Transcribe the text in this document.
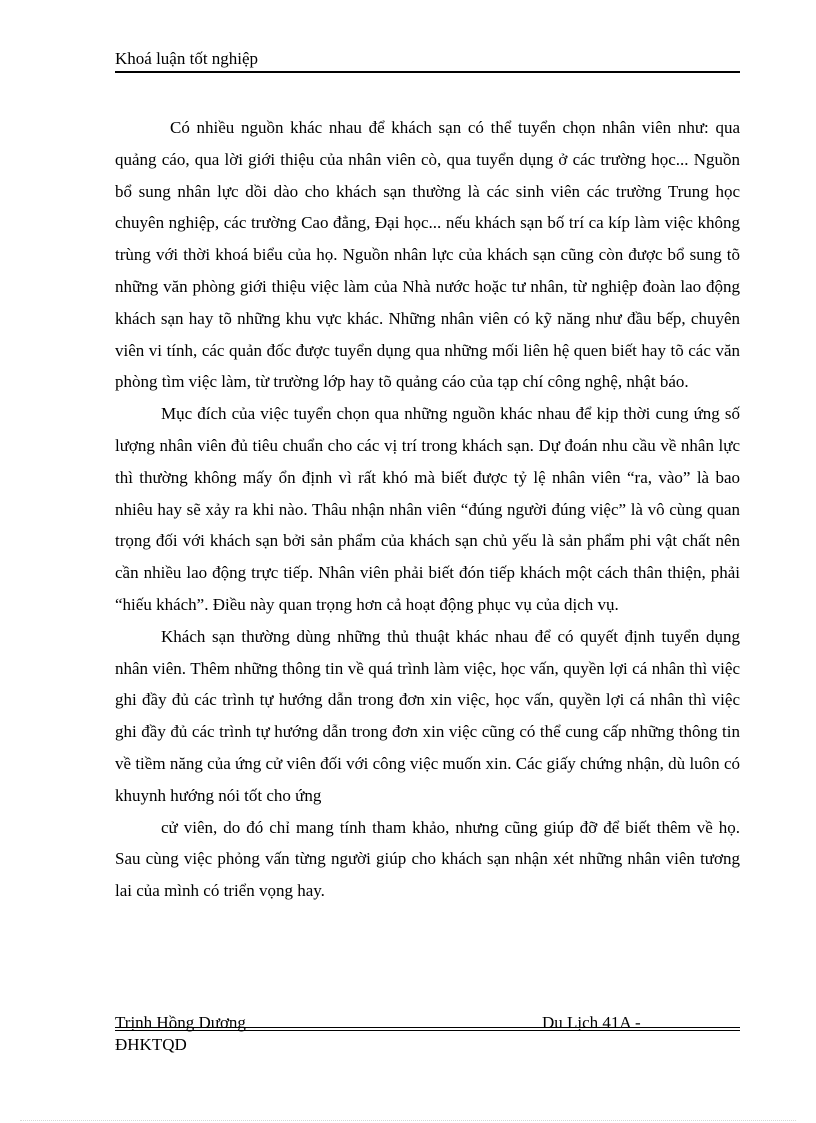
Khoá luận tốt nghiệp

Có nhiều nguồn khác nhau để khách sạn có thể tuyển chọn nhân viên như: qua quảng cáo, qua lời giới thiệu của nhân viên cò, qua tuyển dụng ở các trường học... Nguồn bổ sung nhân lực dồi dào cho khách sạn thường là các sinh viên các trường Trung học chuyên nghiệp, các trường Cao đẳng, Đại học... nếu khách sạn bố trí ca kíp làm việc không trùng với thời khoá biểu của họ. Nguồn nhân lực của khách sạn cũng còn được bổ sung tõ những văn phòng giới thiệu việc làm của Nhà nước hoặc tư nhân, từ nghiệp đoàn lao động khách sạn hay tõ những khu vực khác. Những nhân viên có kỹ năng như đầu bếp, chuyên viên vi tính, các quản đốc được tuyển dụng qua những mối liên hệ quen biết hay tõ các văn phòng tìm việc làm, từ trường lớp hay tõ quảng cáo của tạp chí công nghệ, nhật báo.

Mục đích của việc tuyển chọn qua những nguồn khác nhau để kịp thời cung ứng số lượng nhân viên đủ tiêu chuẩn cho các vị trí trong khách sạn. Dự đoán nhu cầu về nhân lực thì thường không mấy ổn định vì rất khó mà biết được tỷ lệ nhân viên “ra, vào” là bao nhiêu hay sẽ xảy ra khi nào. Thâu nhận nhân viên “đúng người đúng việc” là vô cùng quan trọng đối với khách sạn bởi sản phẩm của khách sạn chủ yếu là sản phẩm phi vật chất nên cần nhiều lao động trực tiếp. Nhân viên phải biết đón tiếp khách một cách thân thiện, phải “hiếu khách”. Điều này quan trọng hơn cả hoạt động phục vụ của dịch vụ.

Khách sạn thường dùng những thủ thuật khác nhau để có quyết định tuyển dụng nhân viên. Thêm những thông tin về quá trình làm việc, học vấn, quyền lợi cá nhân thì việc ghi đầy đủ các trình tự hướng dẫn trong đơn xin việc, học vấn, quyền lợi cá nhân thì việc ghi đầy đủ các trình tự hướng dẫn trong đơn xin việc cũng có thể cung cấp những thông tin về tiềm năng của ứng cử viên đối với công việc muốn xin. Các giấy chứng nhận, dù luôn có khuynh hướng nói tốt cho ứng

cử viên, do đó chỉ mang tính tham khảo, nhưng cũng giúp đỡ để biết thêm về họ. Sau cùng việc phỏng vấn từng người giúp cho khách sạn nhận xét những nhân viên tương lai của mình có triển vọng hay.

Trịnh Hồng Dương	Du Lịch 41A -
ĐHKTQD
